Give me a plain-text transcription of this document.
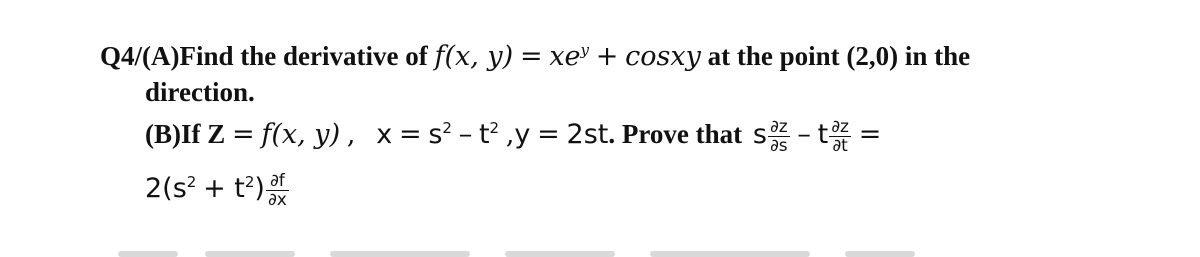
Q4/(A)Find the derivative of f(x, $y) = xe^y$ + cosxy at the point (2,0) in the
direction.
(B)If Z = f(x, y) , $x = s^2 - t^2$ ,y = 2st. Prove that s $\frac{\partial z}{\partial s}$ – t $\frac{\partial z}{\partial t}$ =
$2(s^2 + t^2) \frac{\partial f}{\partial x}$
